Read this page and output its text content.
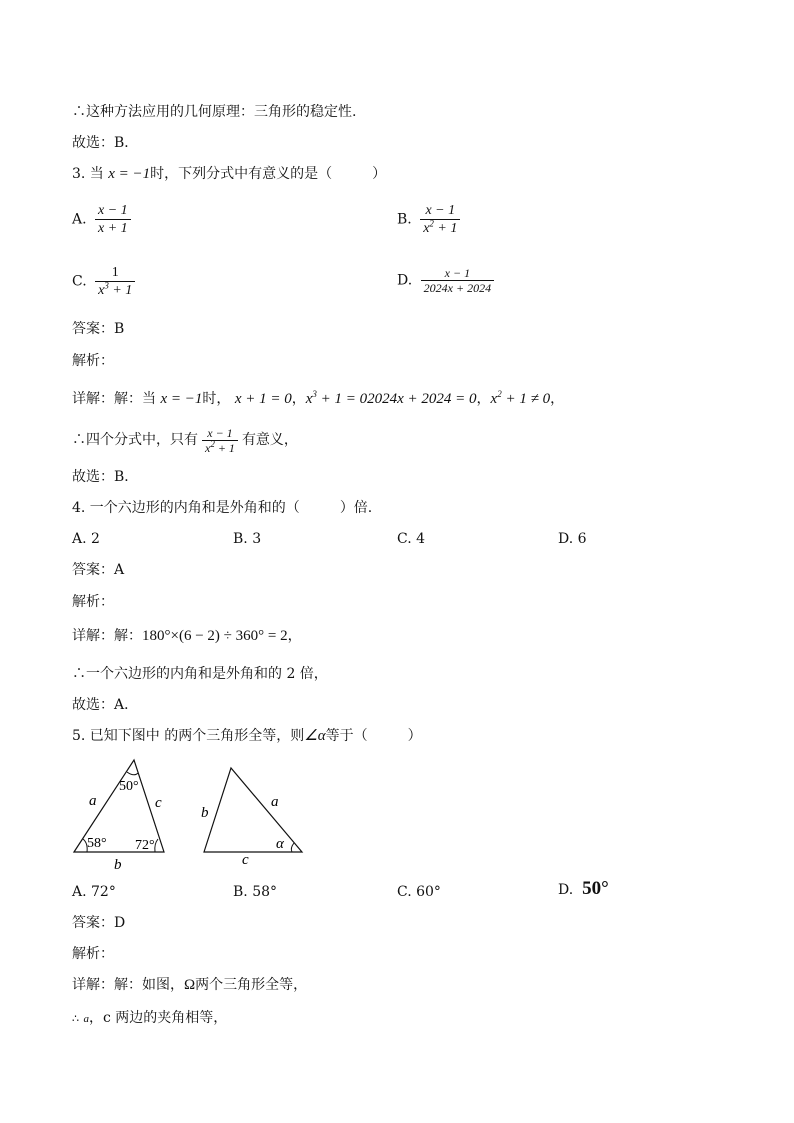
∴这种方法应用的几何原理：三角形的稳定性.
故选：B．
3. 当 x = −1时，下列分式中有意义的是（	）
A. $\frac{x - 1}{x + 1}$	B. $\frac{x - 1}{x^2 + 1}$
C. $\frac{1}{x^3 + 1}$	D. $\frac{x - 1}{2024x + 2024}$
答案：B
解析：
详解：解：当 x = −1时， x + 1 = 0，$x^3 + 1 = 02024x + 2024 = 0$，$x^2 + 1 \ne 0$，
∴四个分式中，只有 $\frac{x - 1}{x^2 + 1}$ 有意义，
故选：B．
4. 一个六边形的内角和是外角和的（	）倍.
A. 2	B. 3	C. 4	D. 6
答案：A
解析：
详解：解：180°×(6 − 2) ÷ 360° = 2，
∴一个六边形的内角和是外角和的 2 倍，
故选：A．
5. 已知下图中 的两个三角形全等，则∠α等于（	）
50°
58° 72°
a	c
b
b
a
c
α
A. 72°	B. 58°	C. 60°	D. 50°
答案：D
解析：
详解：解：如图，Ω两个三角形全等，
∴ a，c 两边的夹角相等，
